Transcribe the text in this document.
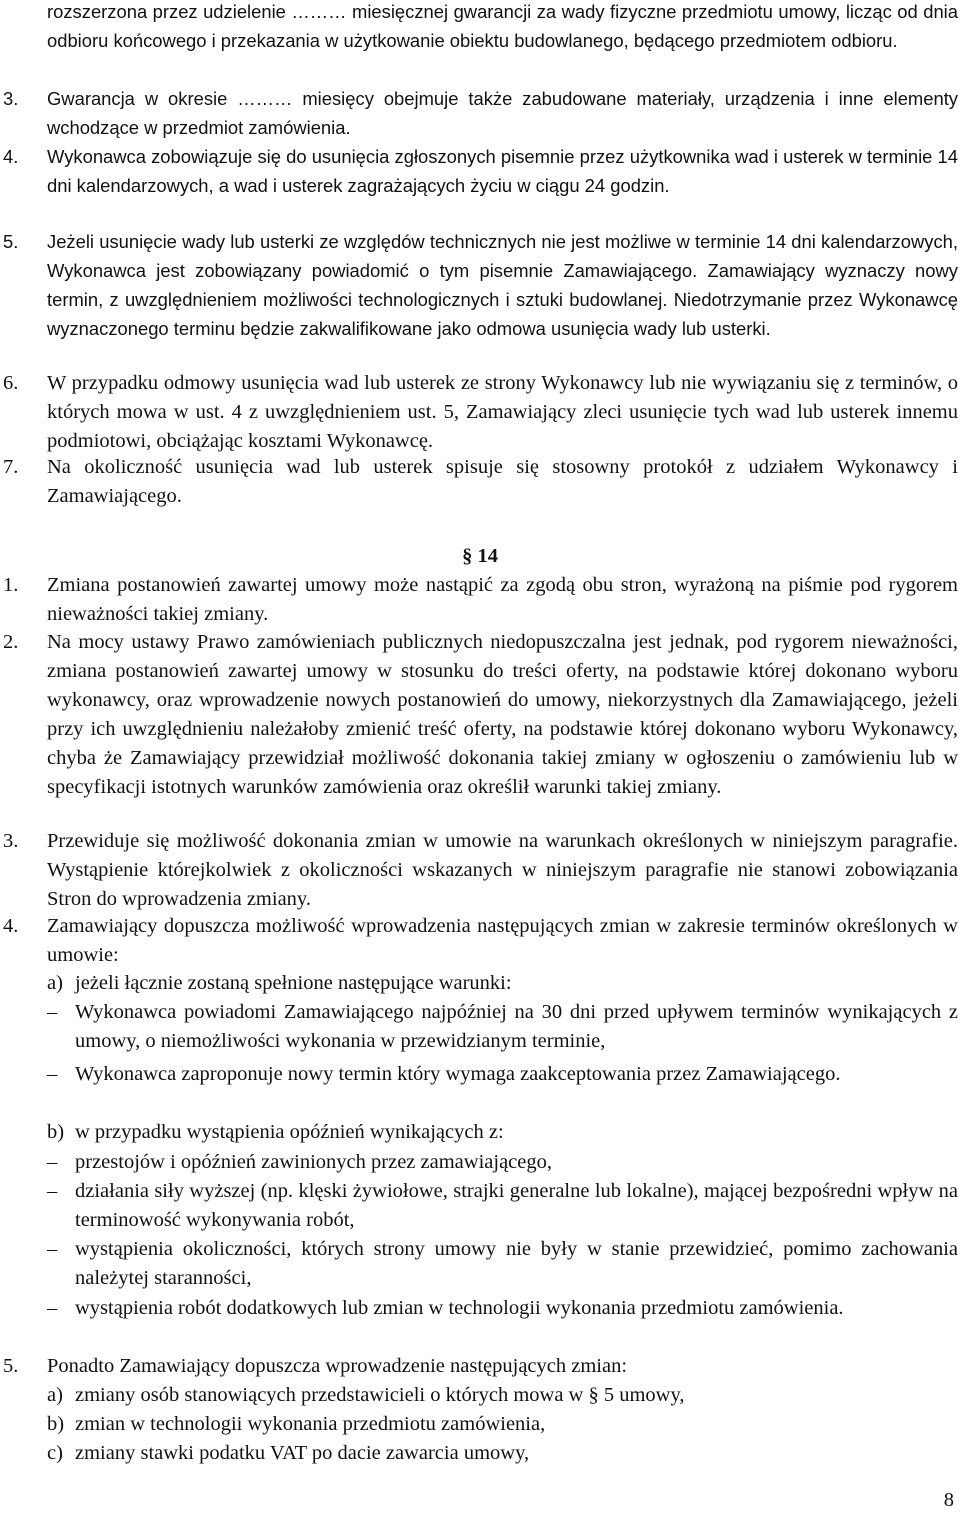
rozszerzona przez udzielenie ……… miesięcznej gwarancji za wady fizyczne przedmiotu umowy, licząc od dnia odbioru końcowego i przekazania w użytkowanie obiektu budowlanego, będącego przedmiotem odbioru.
3. Gwarancja w okresie ……… miesięcy obejmuje także zabudowane materiały, urządzenia i inne elementy wchodzące w przedmiot zamówienia.
4. Wykonawca zobowiązuje się do usunięcia zgłoszonych pisemnie przez użytkownika wad i usterek w terminie 14 dni kalendarzowych, a wad i usterek zagrażających życiu w ciągu 24 godzin.
5. Jeżeli usunięcie wady lub usterki ze względów technicznych nie jest możliwe w terminie 14 dni kalendarzowych, Wykonawca jest zobowiązany powiadomić o tym pisemnie Zamawiającego. Zamawiający wyznaczy nowy termin, z uwzględnieniem możliwości technologicznych i sztuki budowlanej. Niedotrzymanie przez Wykonawcę wyznaczonego terminu będzie zakwalifikowane jako odmowa usunięcia wady lub usterki.
6. W przypadku odmowy usunięcia wad lub usterek ze strony Wykonawcy lub nie wywiązaniu się z terminów, o których mowa w ust. 4 z uwzględnieniem ust. 5, Zamawiający zleci usunięcie tych wad lub usterek innemu podmiotowi, obciążając kosztami Wykonawcę.
7. Na okoliczność usunięcia wad lub usterek spisuje się stosowny protokół z udziałem Wykonawcy i Zamawiającego.
§ 14
1. Zmiana postanowień zawartej umowy może nastąpić za zgodą obu stron, wyrażoną na piśmie pod rygorem nieważności takiej zmiany.
2. Na mocy ustawy Prawo zamówieniach publicznych niedopuszczalna jest jednak, pod rygorem nieważności, zmiana postanowień zawartej umowy w stosunku do treści oferty, na podstawie której dokonano wyboru wykonawcy, oraz wprowadzenie nowych postanowień do umowy, niekorzystnych dla Zamawiającego, jeżeli przy ich uwzględnieniu należałoby zmienić treść oferty, na podstawie której dokonano wyboru Wykonawcy, chyba że Zamawiający przewidział możliwość dokonania takiej zmiany w ogłoszeniu o zamówieniu lub w specyfikacji istotnych warunków zamówienia oraz określił warunki takiej zmiany.
3. Przewiduje się możliwość dokonania zmian w umowie na warunkach określonych w niniejszym paragrafie. Wystąpienie którejkolwiek z okoliczności wskazanych w niniejszym paragrafie nie stanowi zobowiązania Stron do wprowadzenia zmiany.
4. Zamawiający dopuszcza możliwość wprowadzenia następujących zmian w zakresie terminów określonych w umowie:
a) jeżeli łącznie zostaną spełnione następujące warunki:
– Wykonawca powiadomi Zamawiającego najpóźniej na 30 dni przed upływem terminów wynikających z umowy, o niemożliwości wykonania w przewidzianym terminie,
– Wykonawca zaproponuje nowy termin który wymaga zaakceptowania przez Zamawiającego.
b) w przypadku wystąpienia opóźnień wynikających z:
– przestojów i opóźnień zawinionych przez zamawiającego,
– działania siły wyższej (np. klęski żywiołowe, strajki generalne lub lokalne), mającej bezpośredni wpływ na terminowość wykonywania robót,
– wystąpienia okoliczności, których strony umowy nie były w stanie przewidzieć, pomimo zachowania należytej staranności,
– wystąpienia robót dodatkowych lub zmian w technologii wykonania przedmiotu zamówienia.
5. Ponadto Zamawiający dopuszcza wprowadzenie następujących zmian:
a) zmiany osób stanowiących przedstawicieli o których mowa w § 5 umowy,
b) zmian w technologii wykonania przedmiotu zamówienia,
c) zmiany stawki podatku VAT po dacie zawarcia umowy,
8
